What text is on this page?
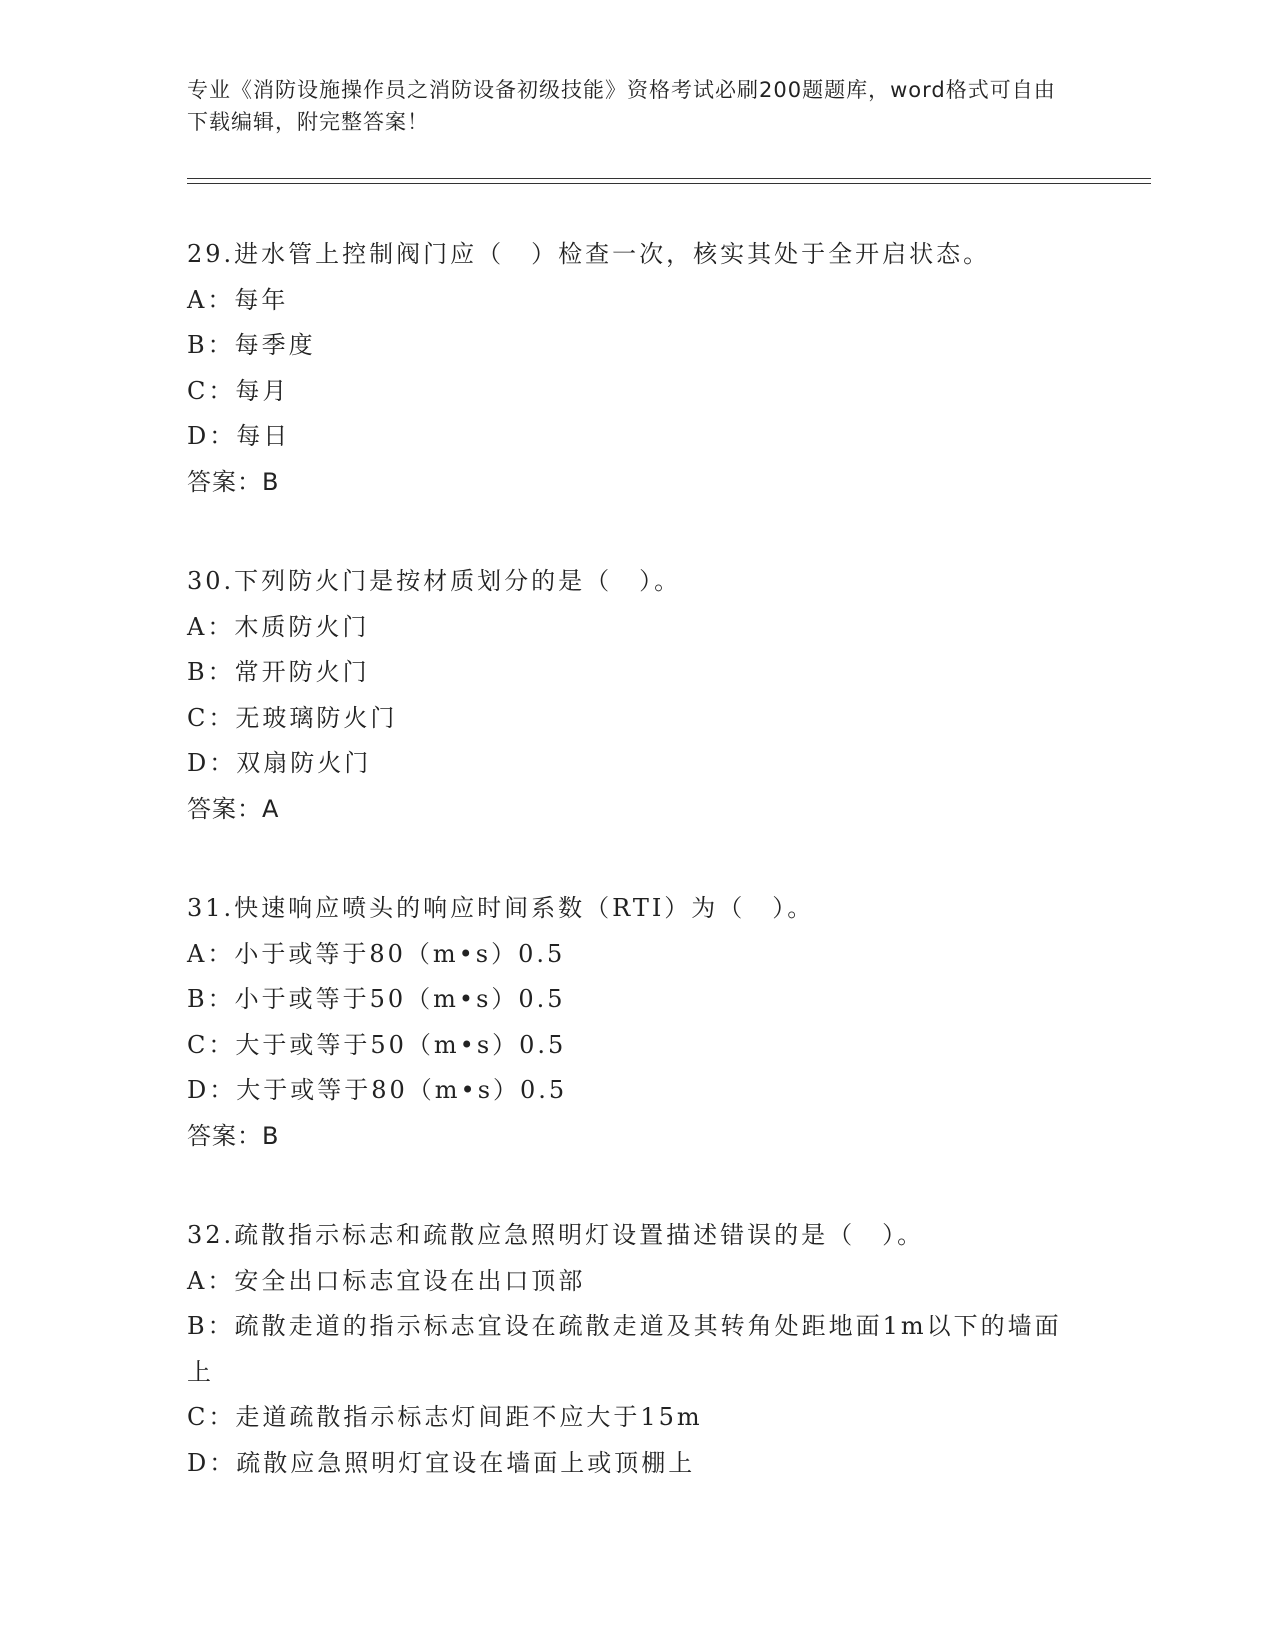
专业《消防设施操作员之消防设备初级技能》资格考试必刷200题题库，word格式可自由下载编辑，附完整答案！
29.进水管上控制阀门应（　）检查一次，核实其处于全开启状态。
A：每年
B：每季度
C：每月
D：每日
答案：B
30.下列防火门是按材质划分的是（　）。
A：木质防火门
B：常开防火门
C：无玻璃防火门
D：双扇防火门
答案：A
31.快速响应喷头的响应时间系数（RTI）为（　）。
A：小于或等于80（m•s）0.5
B：小于或等于50（m•s）0.5
C：大于或等于50（m•s）0.5
D：大于或等于80（m•s）0.5
答案：B
32.疏散指示标志和疏散应急照明灯设置描述错误的是（　）。
A：安全出口标志宜设在出口顶部
B：疏散走道的指示标志宜设在疏散走道及其转角处距地面1m以下的墙面上
C：走道疏散指示标志灯间距不应大于15m
D：疏散应急照明灯宜设在墙面上或顶棚上
